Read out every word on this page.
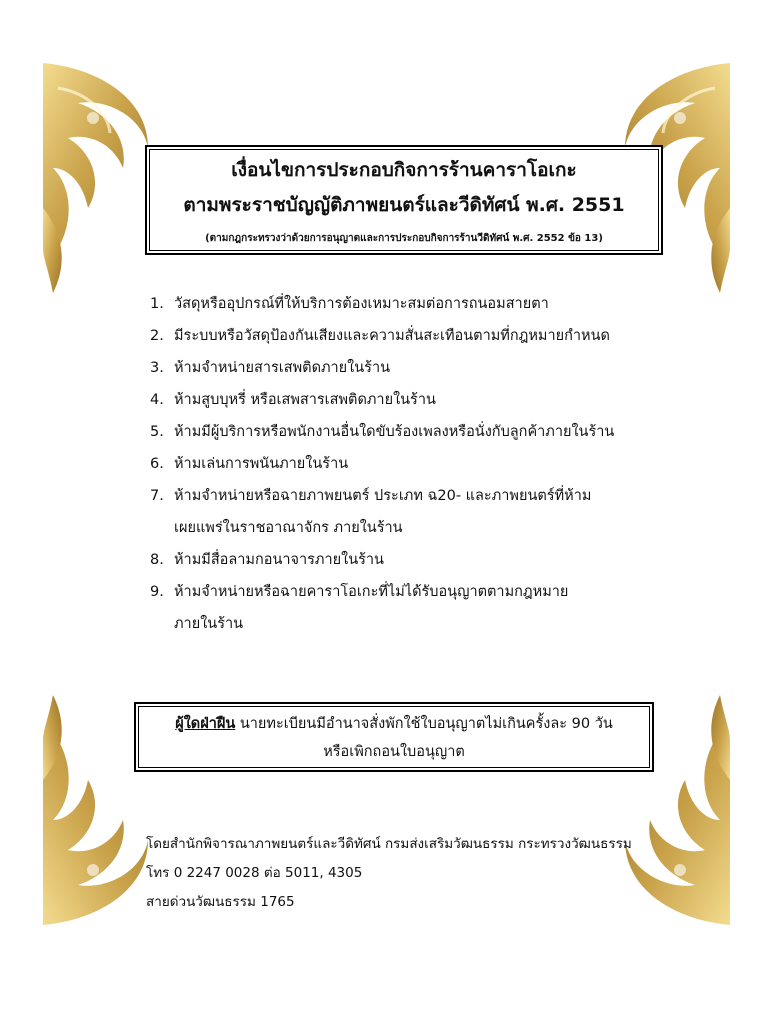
เงื่อนไขการประกอบกิจการร้านคาราโอเกะ
ตามพระราชบัญญัติภาพยนตร์และวีดิทัศน์ พ.ศ. 2551
(ตามกฎกระทรวงว่าด้วยการอนุญาตและการประกอบกิจการร้านวีดิทัศน์ พ.ศ. 2552 ข้อ 13)
1. วัสดุหรืออุปกรณ์ที่ให้บริการต้องเหมาะสมต่อการถนอมสายตา
2. มีระบบหรือวัสดุป้องกันเสียงและความสั่นสะเทือนตามที่กฎหมายกำหนด
3. ห้ามจำหน่ายสารเสพติดภายในร้าน
4. ห้ามสูบบุหรี่ หรือเสพสารเสพติดภายในร้าน
5. ห้ามมีผู้บริการหรือพนักงานอื่นใดขับร้องเพลงหรือนั่งกับลูกค้าภายในร้าน
6. ห้ามเล่นการพนันภายในร้าน
7. ห้ามจำหน่ายหรือฉายภาพยนตร์ ประเภท ฉ20- และภาพยนตร์ที่ห้าม
เผยแพร่ในราชอาณาจักร ภายในร้าน
8. ห้ามมีสื่อลามกอนาจารภายในร้าน
9. ห้ามจำหน่ายหรือฉายคาราโอเกะที่ไม่ได้รับอนุญาตตามกฎหมาย
ภายในร้าน
ผู้ใดฝ่าฝืน นายทะเบียนมีอำนาจสั่งพักใช้ใบอนุญาตไม่เกินครั้งละ 90 วัน
หรือเพิกถอนใบอนุญาต
โดยสำนักพิจารณาภาพยนตร์และวีดิทัศน์ กรมส่งเสริมวัฒนธรรม กระทรวงวัฒนธรรม
โทร 0 2247 0028 ต่อ 5011, 4305
สายด่วนวัฒนธรรม 1765
